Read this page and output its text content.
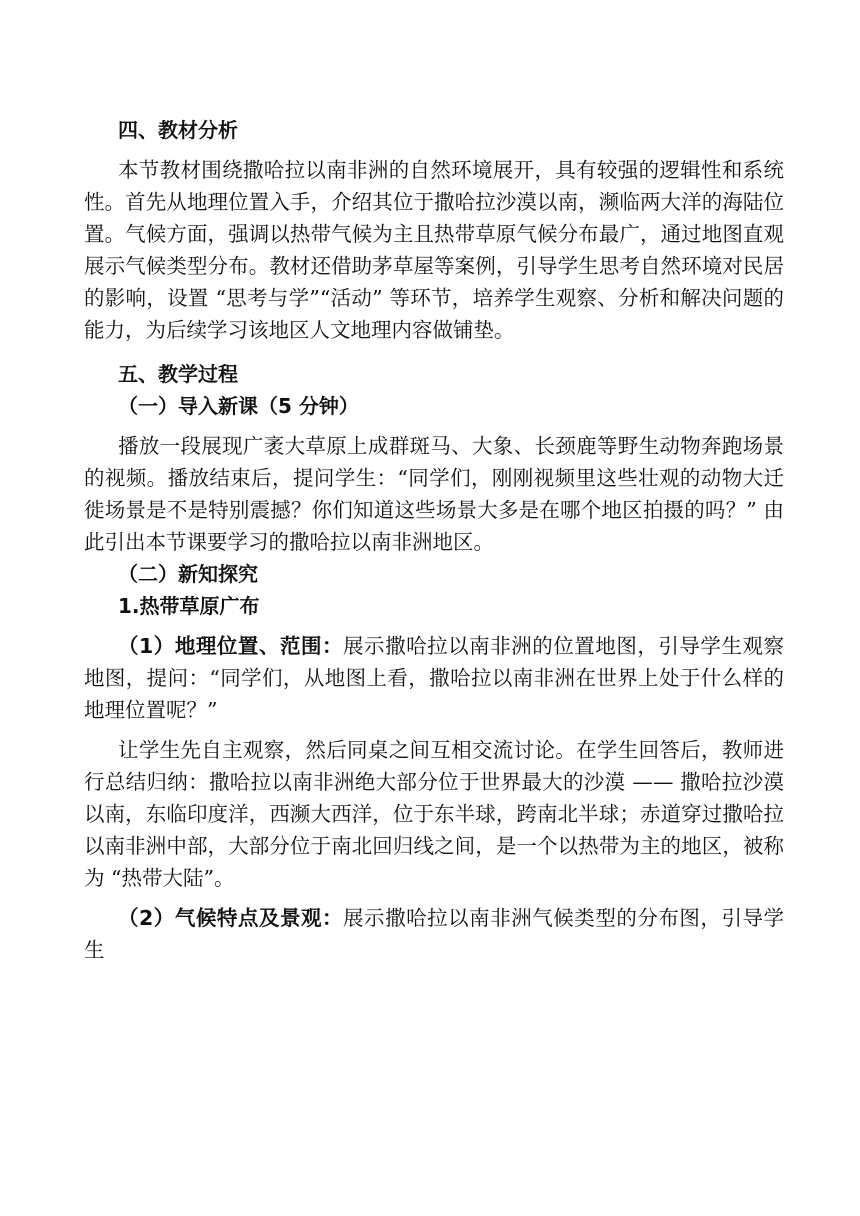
四、教材分析

本节教材围绕撒哈拉以南非洲的自然环境展开，具有较强的逻辑性和系统性。首先从地理位置入手，介绍其位于撒哈拉沙漠以南，濒临两大洋的海陆位置。气候方面，强调以热带气候为主且热带草原气候分布最广，通过地图直观展示气候类型分布。教材还借助茅草屋等案例，引导学生思考自然环境对民居的影响，设置 “思考与学”“活动” 等环节，培养学生观察、分析和解决问题的能力，为后续学习该地区人文地理内容做铺垫。

五、教学过程

（一）导入新课（5 分钟）

播放一段展现广袤大草原上成群斑马、大象、长颈鹿等野生动物奔跑场景的视频。播放结束后，提问学生：“同学们，刚刚视频里这些壮观的动物大迁徙场景是不是特别震撼？你们知道这些场景大多是在哪个地区拍摄的吗？” 由此引出本节课要学习的撒哈拉以南非洲地区。

（二）新知探究

1.热带草原广布

（1）地理位置、范围：展示撒哈拉以南非洲的位置地图，引导学生观察地图，提问：“同学们，从地图上看，撒哈拉以南非洲在世界上处于什么样的地理位置呢？”

让学生先自主观察，然后同桌之间互相交流讨论。在学生回答后，教师进行总结归纳：撒哈拉以南非洲绝大部分位于世界最大的沙漠 —— 撒哈拉沙漠以南，东临印度洋，西濒大西洋，位于东半球，跨南北半球；赤道穿过撒哈拉以南非洲中部，大部分位于南北回归线之间，是一个以热带为主的地区，被称为 “热带大陆”。

（2）气候特点及景观：展示撒哈拉以南非洲气候类型的分布图，引导学生
